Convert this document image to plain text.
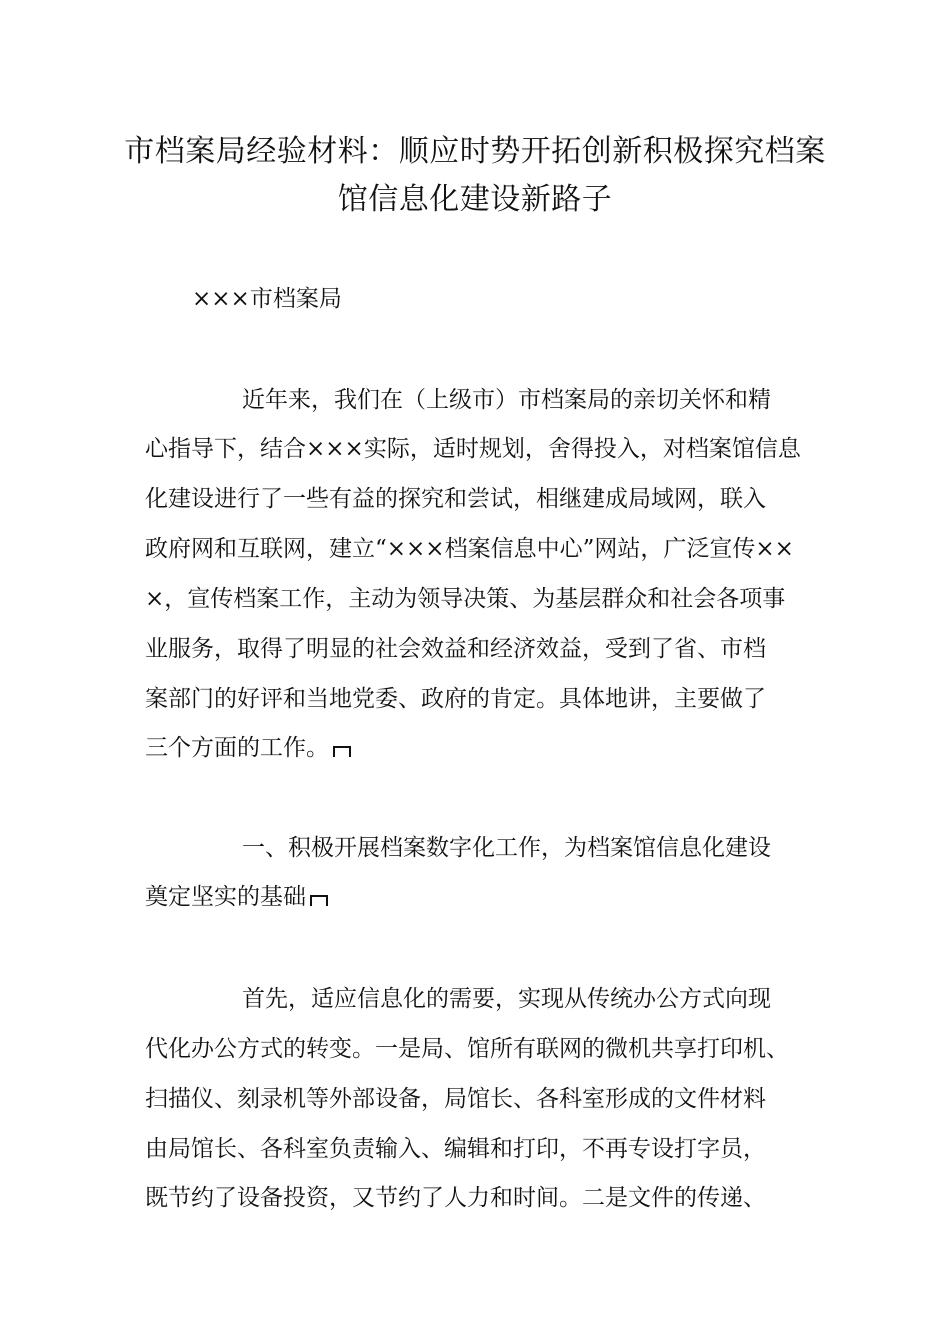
市档案局经验材料：顺应时势开拓创新积极探究档案
馆信息化建设新路子
×××市档案局
近年来，我们在（上级市）市档案局的亲切关怀和精
心指导下，结合×××实际，适时规划，舍得投入，对档案馆信息
化建设进行了一些有益的探究和尝试，相继建成局域网，联入
政府网和互联网，建立“×××档案信息中心”网站，广泛宣传××
×，宣传档案工作，主动为领导决策、为基层群众和社会各项事
业服务，取得了明显的社会效益和经济效益，受到了省、市档
案部门的好评和当地党委、政府的肯定。具体地讲，主要做了
三个方面的工作。
一、积极开展档案数字化工作，为档案馆信息化建设
奠定坚实的基础
首先，适应信息化的需要，实现从传统办公方式向现
代化办公方式的转变。一是局、馆所有联网的微机共享打印机、
扫描仪、刻录机等外部设备，局馆长、各科室形成的文件材料
由局馆长、各科室负责输入、编辑和打印，不再专设打字员，
既节约了设备投资，又节约了人力和时间。二是文件的传递、
